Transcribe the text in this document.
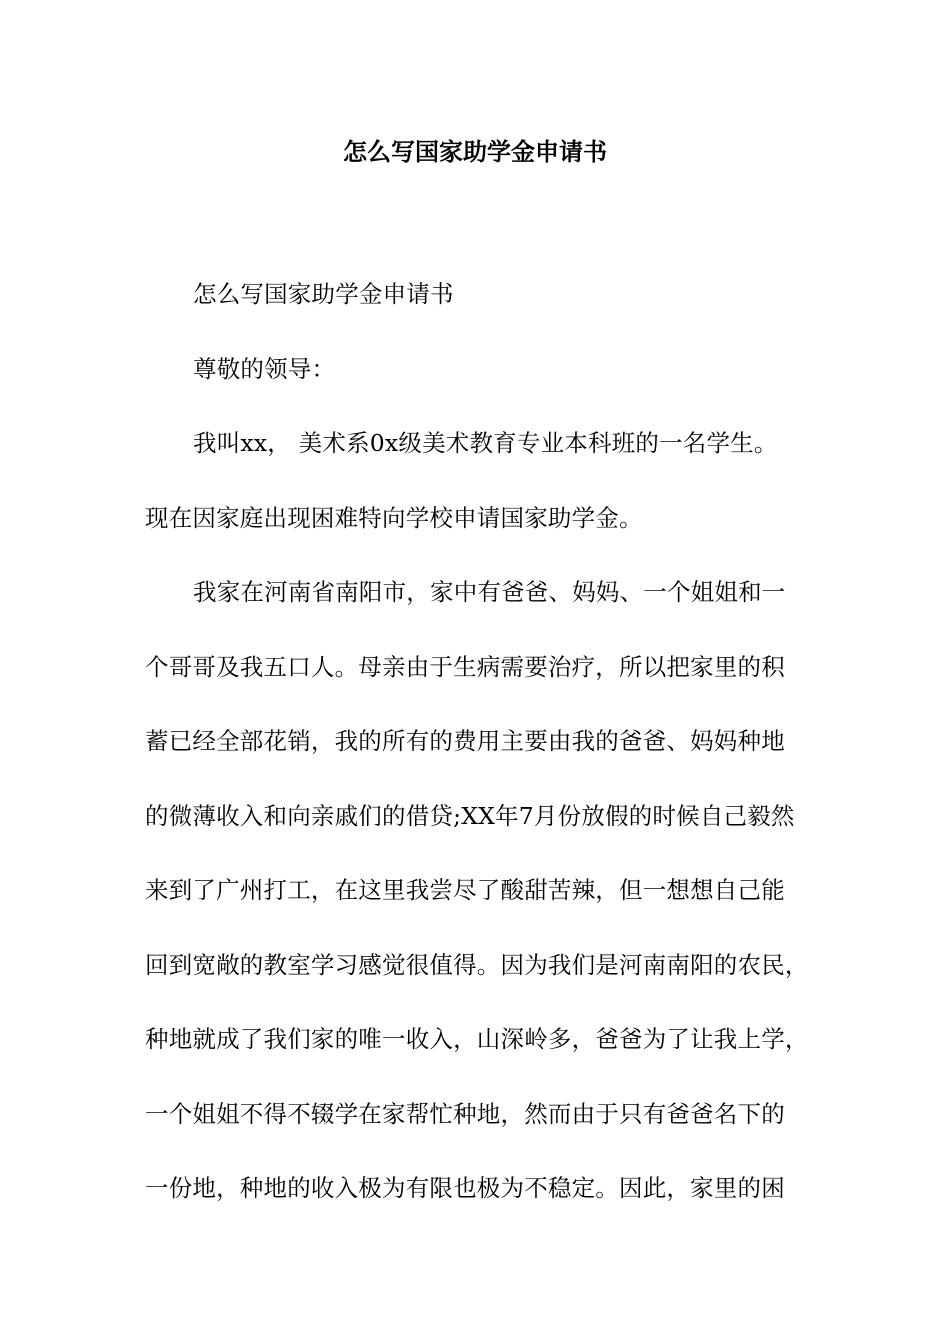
怎么写国家助学金申请书

怎么写国家助学金申请书

尊敬的领导：

我叫xx， 美术系0x级美术教育专业本科班的一名学生。

现在因家庭出现困难特向学校申请国家助学金。

我家在河南省南阳市，家中有爸爸、妈妈、一个姐姐和一

个哥哥及我五口人。母亲由于生病需要治疗，所以把家里的积

蓄已经全部花销，我的所有的费用主要由我的爸爸、妈妈种地

的微薄收入和向亲戚们的借贷;XX年7月份放假的时候自己毅然

来到了广州打工，在这里我尝尽了酸甜苦辣，但一想想自己能

回到宽敞的教室学习感觉很值得。因为我们是河南南阳的农民，

种地就成了我们家的唯一收入，山深岭多，爸爸为了让我上学，

一个姐姐不得不辍学在家帮忙种地，然而由于只有爸爸名下的

一份地，种地的收入极为有限也极为不稳定。因此，家里的困
